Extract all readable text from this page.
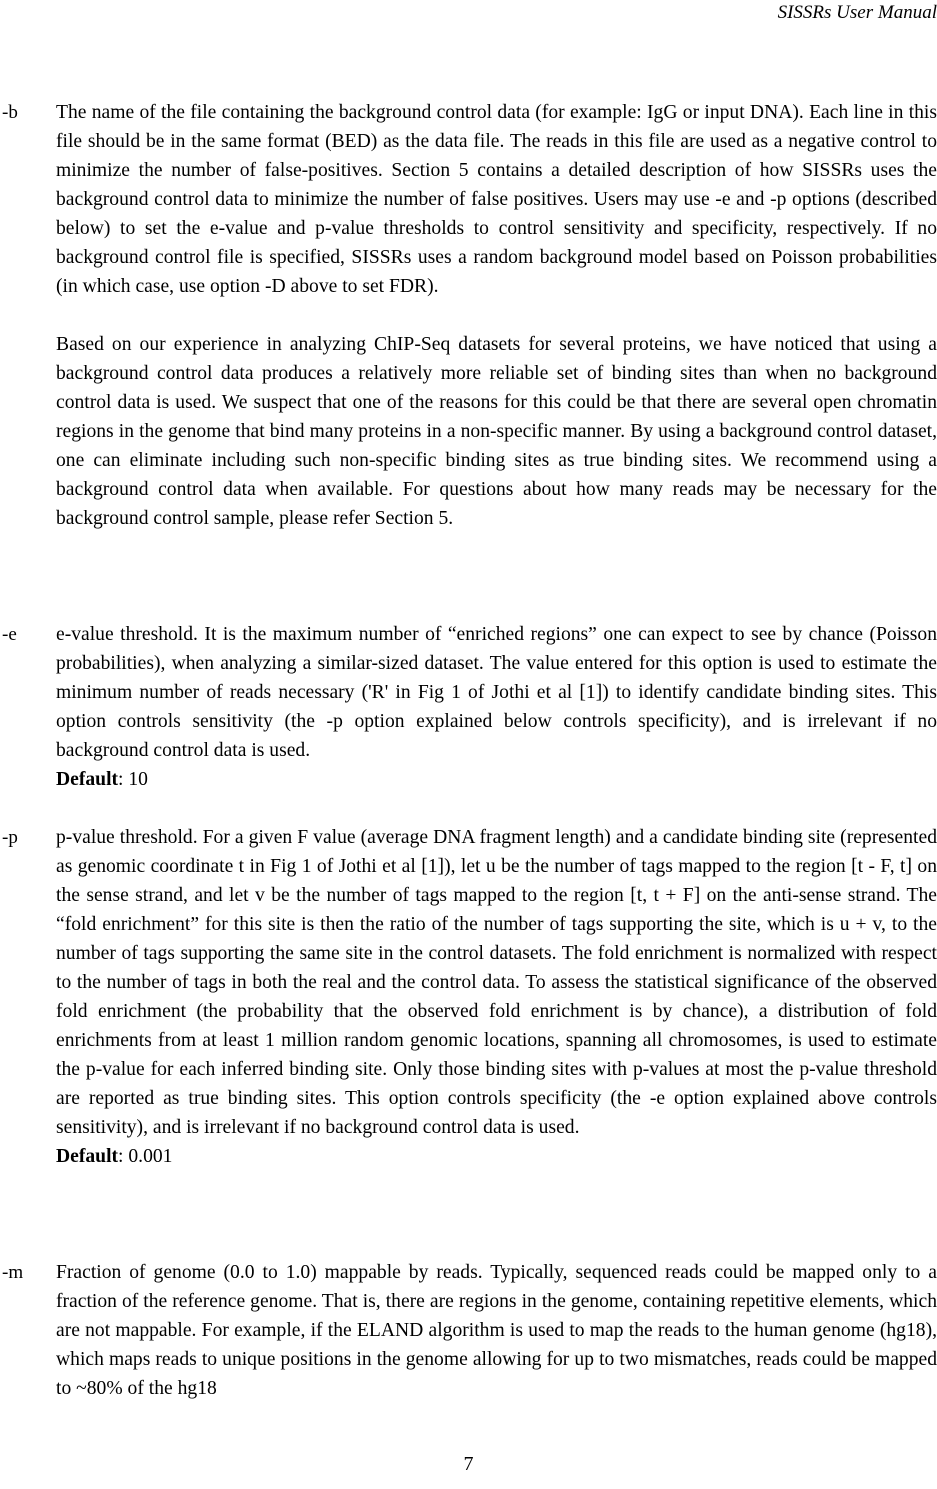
SISSRs User Manual
-b The name of the file containing the background control data (for example: IgG or input DNA). Each line in this file should be in the same format (BED) as the data file. The reads in this file are used as a negative control to minimize the number of false-positives. Section 5 contains a detailed description of how SISSRs uses the background control data to minimize the number of false positives. Users may use -e and -p options (described below) to set the e-value and p-value thresholds to control sensitivity and specificity, respectively. If no background control file is specified, SISSRs uses a random background model based on Poisson probabilities (in which case, use option -D above to set FDR).

Based on our experience in analyzing ChIP-Seq datasets for several proteins, we have noticed that using a background control data produces a relatively more reliable set of binding sites than when no background control data is used. We suspect that one of the reasons for this could be that there are several open chromatin regions in the genome that bind many proteins in a non-specific manner. By using a background control dataset, one can eliminate including such non-specific binding sites as true binding sites. We recommend using a background control data when available. For questions about how many reads may be necessary for the background control sample, please refer Section 5.

-e e-value threshold. It is the maximum number of “enriched regions” one can expect to see by chance (Poisson probabilities), when analyzing a similar-sized dataset. The value entered for this option is used to estimate the minimum number of reads necessary ('R' in Fig 1 of Jothi et al [1]) to identify candidate binding sites. This option controls sensitivity (the -p option explained below controls specificity), and is irrelevant if no background control data is used.

Default: 10
-p p-value threshold. For a given F value (average DNA fragment length) and a candidate binding site (represented as genomic coordinate t in Fig 1 of Jothi et al [1]), let u be the number of tags mapped to the region [t - F, t] on the sense strand, and let v be the number of tags mapped to the region [t, t + F] on the anti-sense strand. The “fold enrichment” for this site is then the ratio of the number of tags supporting the site, which is u + v, to the number of tags supporting the same site in the control datasets. The fold enrichment is normalized with respect to the number of tags in both the real and the control data. To assess the statistical significance of the observed fold enrichment (the probability that the observed fold enrichment is by chance), a distribution of fold enrichments from at least 1 million random genomic locations, spanning all chromosomes, is used to estimate the p-value for each inferred binding site. Only those binding sites with p-values at most the p-value threshold are reported as true binding sites. This option controls specificity (the -e option explained above controls sensitivity), and is irrelevant if no background control data is used.

Default: 0.001
-m Fraction of genome (0.0 to 1.0) mappable by reads. Typically, sequenced reads could be mapped only to a fraction of the reference genome. That is, there are regions in the genome, containing repetitive elements, which are not mappable. For example, if the ELAND algorithm is used to map the reads to the human genome (hg18), which maps reads to unique positions in the genome allowing for up to two mismatches, reads could be mapped to ~80% of the hg18

7
